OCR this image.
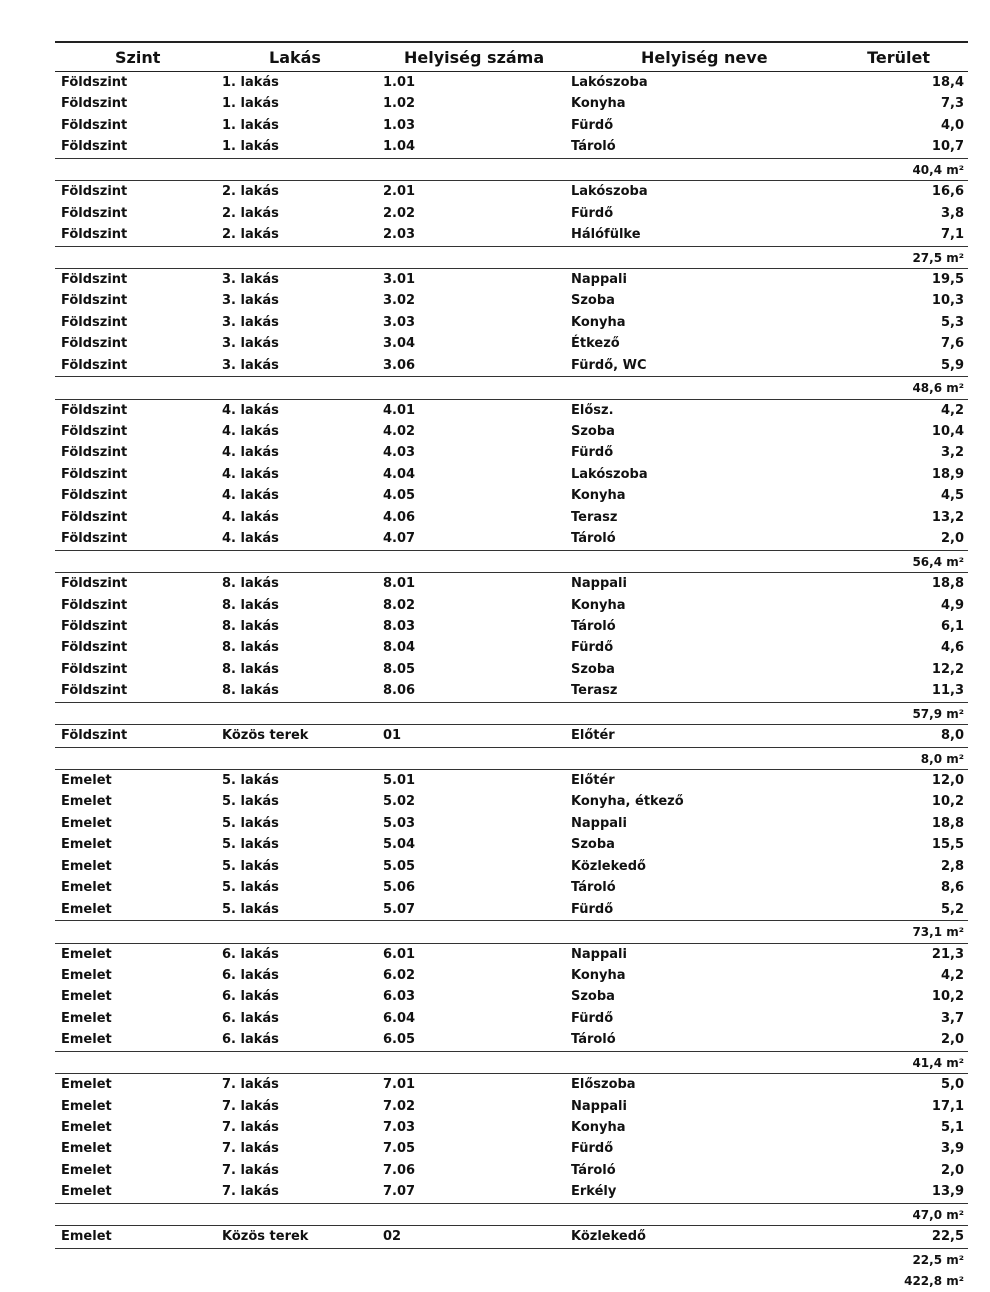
Szint	Lakás	Helyiség száma	Helyiség neve	Terület
Földszint	1. lakás	1.01	Lakószoba	18,4
Földszint	1. lakás	1.02	Konyha	7,3
Földszint	1. lakás	1.03	Fürdő	4,0
Földszint	1. lakás	1.04	Tároló	10,7
40,4 m²
Földszint	2. lakás	2.01	Lakószoba	16,6
Földszint	2. lakás	2.02	Fürdő	3,8
Földszint	2. lakás	2.03	Hálófülke	7,1
27,5 m²
Földszint	3. lakás	3.01	Nappali	19,5
Földszint	3. lakás	3.02	Szoba	10,3
Földszint	3. lakás	3.03	Konyha	5,3
Földszint	3. lakás	3.04	Étkező	7,6
Földszint	3. lakás	3.06	Fürdő, WC	5,9
48,6 m²
Földszint	4. lakás	4.01	Elősz.	4,2
Földszint	4. lakás	4.02	Szoba	10,4
Földszint	4. lakás	4.03	Fürdő	3,2
Földszint	4. lakás	4.04	Lakószoba	18,9
Földszint	4. lakás	4.05	Konyha	4,5
Földszint	4. lakás	4.06	Terasz	13,2
Földszint	4. lakás	4.07	Tároló	2,0
56,4 m²
Földszint	8. lakás	8.01	Nappali	18,8
Földszint	8. lakás	8.02	Konyha	4,9
Földszint	8. lakás	8.03	Tároló	6,1
Földszint	8. lakás	8.04	Fürdő	4,6
Földszint	8. lakás	8.05	Szoba	12,2
Földszint	8. lakás	8.06	Terasz	11,3
57,9 m²
Földszint	Közös terek	01	Előtér	8,0
8,0 m²
Emelet	5. lakás	5.01	Előtér	12,0
Emelet	5. lakás	5.02	Konyha, étkező	10,2
Emelet	5. lakás	5.03	Nappali	18,8
Emelet	5. lakás	5.04	Szoba	15,5
Emelet	5. lakás	5.05	Közlekedő	2,8
Emelet	5. lakás	5.06	Tároló	8,6
Emelet	5. lakás	5.07	Fürdő	5,2
73,1 m²
Emelet	6. lakás	6.01	Nappali	21,3
Emelet	6. lakás	6.02	Konyha	4,2
Emelet	6. lakás	6.03	Szoba	10,2
Emelet	6. lakás	6.04	Fürdő	3,7
Emelet	6. lakás	6.05	Tároló	2,0
41,4 m²
Emelet	7. lakás	7.01	Előszoba	5,0
Emelet	7. lakás	7.02	Nappali	17,1
Emelet	7. lakás	7.03	Konyha	5,1
Emelet	7. lakás	7.05	Fürdő	3,9
Emelet	7. lakás	7.06	Tároló	2,0
Emelet	7. lakás	7.07	Erkély	13,9
47,0 m²
Emelet	Közös terek	02	Közlekedő	22,5
22,5 m²
422,8 m²
